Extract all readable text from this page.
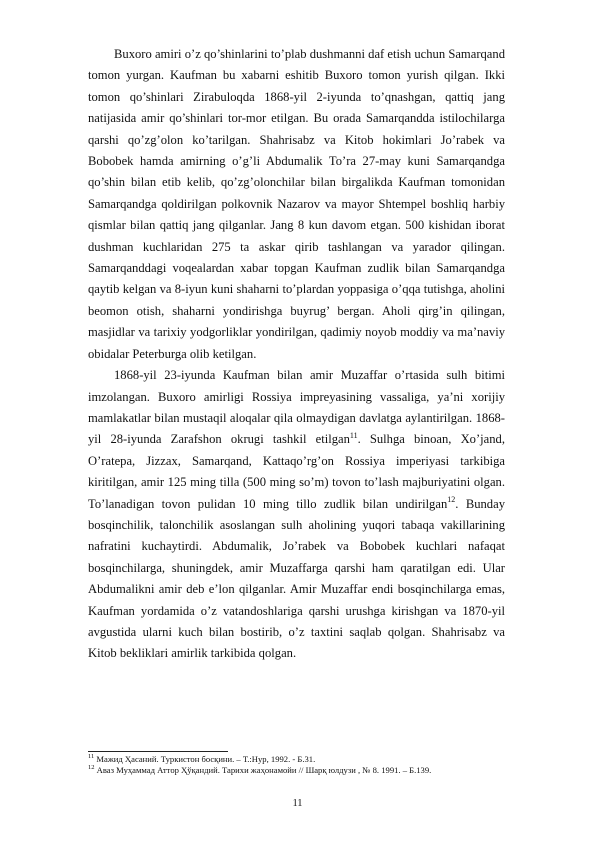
Buxoro amiri o’z qo’shinlarini to’plab dushmanni daf etish uchun Samarqand tomon yurgan. Kaufman bu xabarni eshitib Buxoro tomon yurish qilgan. Ikki tomon qo’shinlari Zirabuloqda 1868-yil 2-iyunda to’qnashgan, qattiq jang natijasida amir qo’shinlari tor-mor etilgan. Bu orada Samarqandda istilochilarga qarshi qo’zg’olon ko’tarilgan. Shahrisabz va Kitob hokimlari Jo’rabek va Bobobek hamda amirning o’g’li Abdumalik To’ra 27-may kuni Samarqandga qo’shin bilan etib kelib, qo’zg’olonchilar bilan birgalikda Kaufman tomonidan Samarqandga qoldirilgan polkovnik Nazarov va mayor Shtempel boshliq harbiy qismlar bilan qattiq jang qilganlar. Jang 8 kun davom etgan. 500 kishidan iborat dushman kuchlaridan 275 ta askar qirib tashlangan va yarador qilingan. Samarqanddagi voqealardan xabar topgan Kaufman zudlik bilan Samarqandga qaytib kelgan va 8-iyun kuni shaharni to’plardan yoppasiga o’qqa tutishga, aholini beomon otish, shaharni yondirishga buyrug’ bergan. Aholi qirg’in qilingan, masjidlar va tarixiy yodgorliklar yondirilgan, qadimiy noyob moddiy va ma’naviy obidalar Peterburga olib ketilgan.

1868-yil 23-iyunda Kaufman bilan amir Muzaffar o’rtasida sulh bitimi imzolangan. Buxoro amirligi Rossiya impreyasining vassaliga, ya’ni xorijiy mamlakatlar bilan mustaqil aloqalar qila olmaydigan davlatga aylantirilgan. 1868-yil 28-iyunda Zarafshon okrugi tashkil etilgan$^{11}$. Sulhga binoan, Xo’jand, O’ratepa, Jizzax, Samarqand, Kattaqo’rg’on Rossiya imperiyasi tarkibiga kiritilgan, amir 125 ming tilla (500 ming so’m) tovon to’lash majburiyatini olgan. To’lanadigan tovon pulidan 10 ming tillo zudlik bilan undirilgan$^{12}$. Bunday bosqinchilik, talonchilik asoslangan sulh aholining yuqori tabaqa vakillarining nafratini kuchaytirdi. Abdumalik, Jo’rabek va Bobobek kuchlari nafaqat bosqinchilarga, shuningdek, amir Muzaffarga qarshi ham qaratilgan edi. Ular Abdumalikni amir deb e’lon qilganlar. Amir Muzaffar endi bosqinchilarga emas, Kaufman yordamida o’z vatandoshlariga qarshi urushga kirishgan va 1870-yil avgustida ularni kuch bilan bostirib, o’z taxtini saqlab qolgan. Shahrisabz va Kitob bekliklari amirlik tarkibida qolgan.

$^{11}$ Мажид Ҳасаний. Туркистон босқини. – Т.:Нур, 1992. - Б.31.

$^{12}$ Аваз Муҳаммад Аттор Ҳўқандий. Тарихи жаҳонамойи // Шарқ юлдузи , № 8. 1991. – Б.139.

11
